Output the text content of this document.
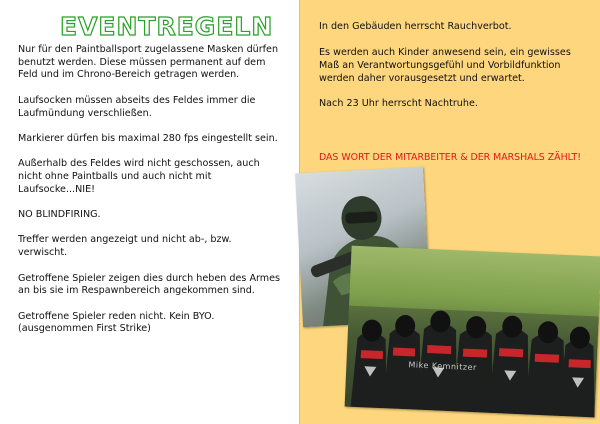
EVENTREGELN

Nur für den Paintballsport zugelassene Masken dürfen benutzt werden. Diese müssen permanent auf dem Feld und im Chrono-Bereich getragen werden.

Laufsocken müssen abseits des Feldes immer die Laufmündung verschließen.

Markierer dürfen bis maximal 280 fps eingestellt sein.

Außerhalb des Feldes wird nicht geschossen, auch nicht ohne Paintballs und auch nicht mit Laufsocke...NIE!

NO BLINDFIRING.

Treffer werden angezeigt und nicht ab-, bzw. verwischt.

Getroffene Spieler zeigen dies durch heben des Armes an bis sie im Respawnbereich angekommen sind.

Getroffene Spieler reden nicht. Kein BYO. (ausgenommen First Strike)

In den Gebäuden herrscht Rauchverbot.

Es werden auch Kinder anwesend sein, ein gewisses Maß an Verantwortungsgefühl und Vorbildfunktion werden daher vorausgesetzt und erwartet.

Nach 23 Uhr herrscht Nachtruhe.

DAS WORT DER MITARBEITER & DER MARSHALS ZÄHLT!
Mike Kemnitzer
